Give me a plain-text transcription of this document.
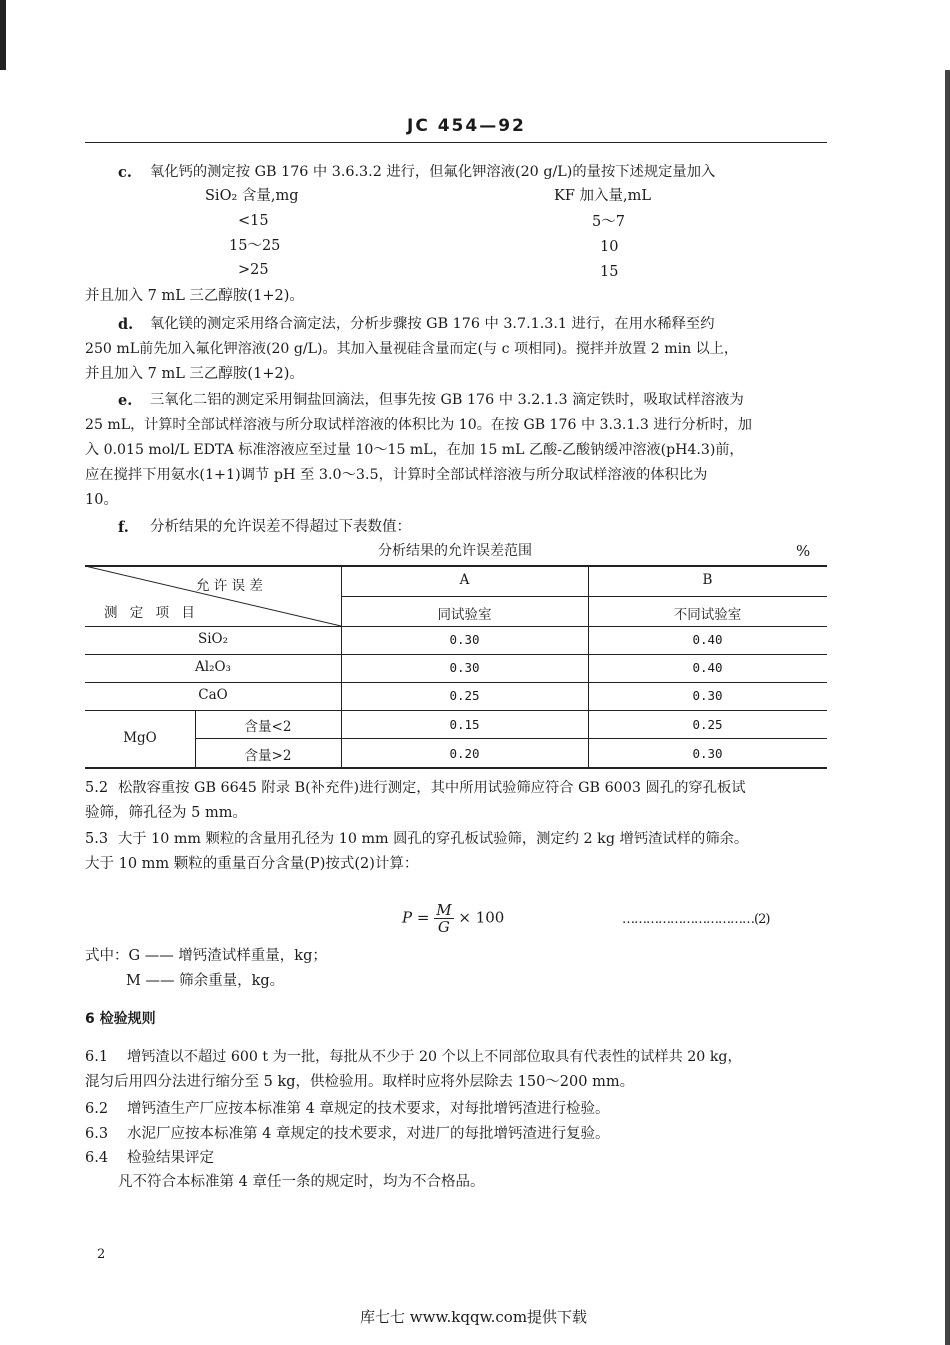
JC 454—92
c. 氧化钙的测定按 GB 176 中 3.6.3.2 进行，但氟化钾溶液(20 g/L)的量按下述规定量加入
SiO₂ 含量,mg	KF 加入量,mL
<15	5～7
15～25	10
>25	15
并且加入 7 mL 三乙醇胺(1+2)。
d. 氧化镁的测定采用络合滴定法，分析步骤按 GB 176 中 3.7.1.3.1 进行，在用水稀释至约
250 mL前先加入氟化钾溶液(20 g/L)。其加入量视硅含量而定(与 c 项相同)。搅拌并放置 2 min 以上，
并且加入 7 mL 三乙醇胺(1+2)。
e. 三氧化二铝的测定采用铜盐回滴法，但事先按 GB 176 中 3.2.1.3 滴定铁时，吸取试样溶液为
25 mL，计算时全部试样溶液与所分取试样溶液的体积比为 10。在按 GB 176 中 3.3.1.3 进行分析时，加
入 0.015 mol/L EDTA 标准溶液应至过量 10～15 mL，在加 15 mL 乙酸-乙酸钠缓冲溶液(pH4.3)前，
应在搅拌下用氨水(1+1)调节 pH 至 3.0～3.5，计算时全部试样溶液与所分取试样溶液的体积比为
10。
f. 分析结果的允许误差不得超过下表数值：
分析结果的允许误差范围	%
允 许 误 差
测 定 项 目
A	B
同试验室	不同试验室
SiO₂	0.30	0.40
Al₂O₃	0.30	0.40
CaO	0.25	0.30
MgO
含量<2	0.15	0.25
含量>2	0.20	0.30
5.2 松散容重按 GB 6645 附录 B(补充件)进行测定，其中所用试验筛应符合 GB 6003 圆孔的穿孔板试
验筛，筛孔径为 5 mm。
5.3 大于 10 mm 颗粒的含量用孔径为 10 mm 圆孔的穿孔板试验筛，测定约 2 kg 增钙渣试样的筛余。
大于 10 mm 颗粒的重量百分含量(P)按式(2)计算：
$P = \frac{M}{G} \times 100$	……………………………(2)
式中：G —— 增钙渣试样重量，kg；
M —— 筛余重量，kg。
6 检验规则
6.1 增钙渣以不超过 600 t 为一批，每批从不少于 20 个以上不同部位取具有代表性的试样共 20 kg，
混匀后用四分法进行缩分至 5 kg，供检验用。取样时应将外层除去 150～200 mm。
6.2 增钙渣生产厂应按本标准第 4 章规定的技术要求，对每批增钙渣进行检验。
6.3 水泥厂应按本标准第 4 章规定的技术要求，对进厂的每批增钙渣进行复验。
6.4 检验结果评定
凡不符合本标准第 4 章任一条的规定时，均为不合格品。
2
库七七 www.kqqw.com提供下载
